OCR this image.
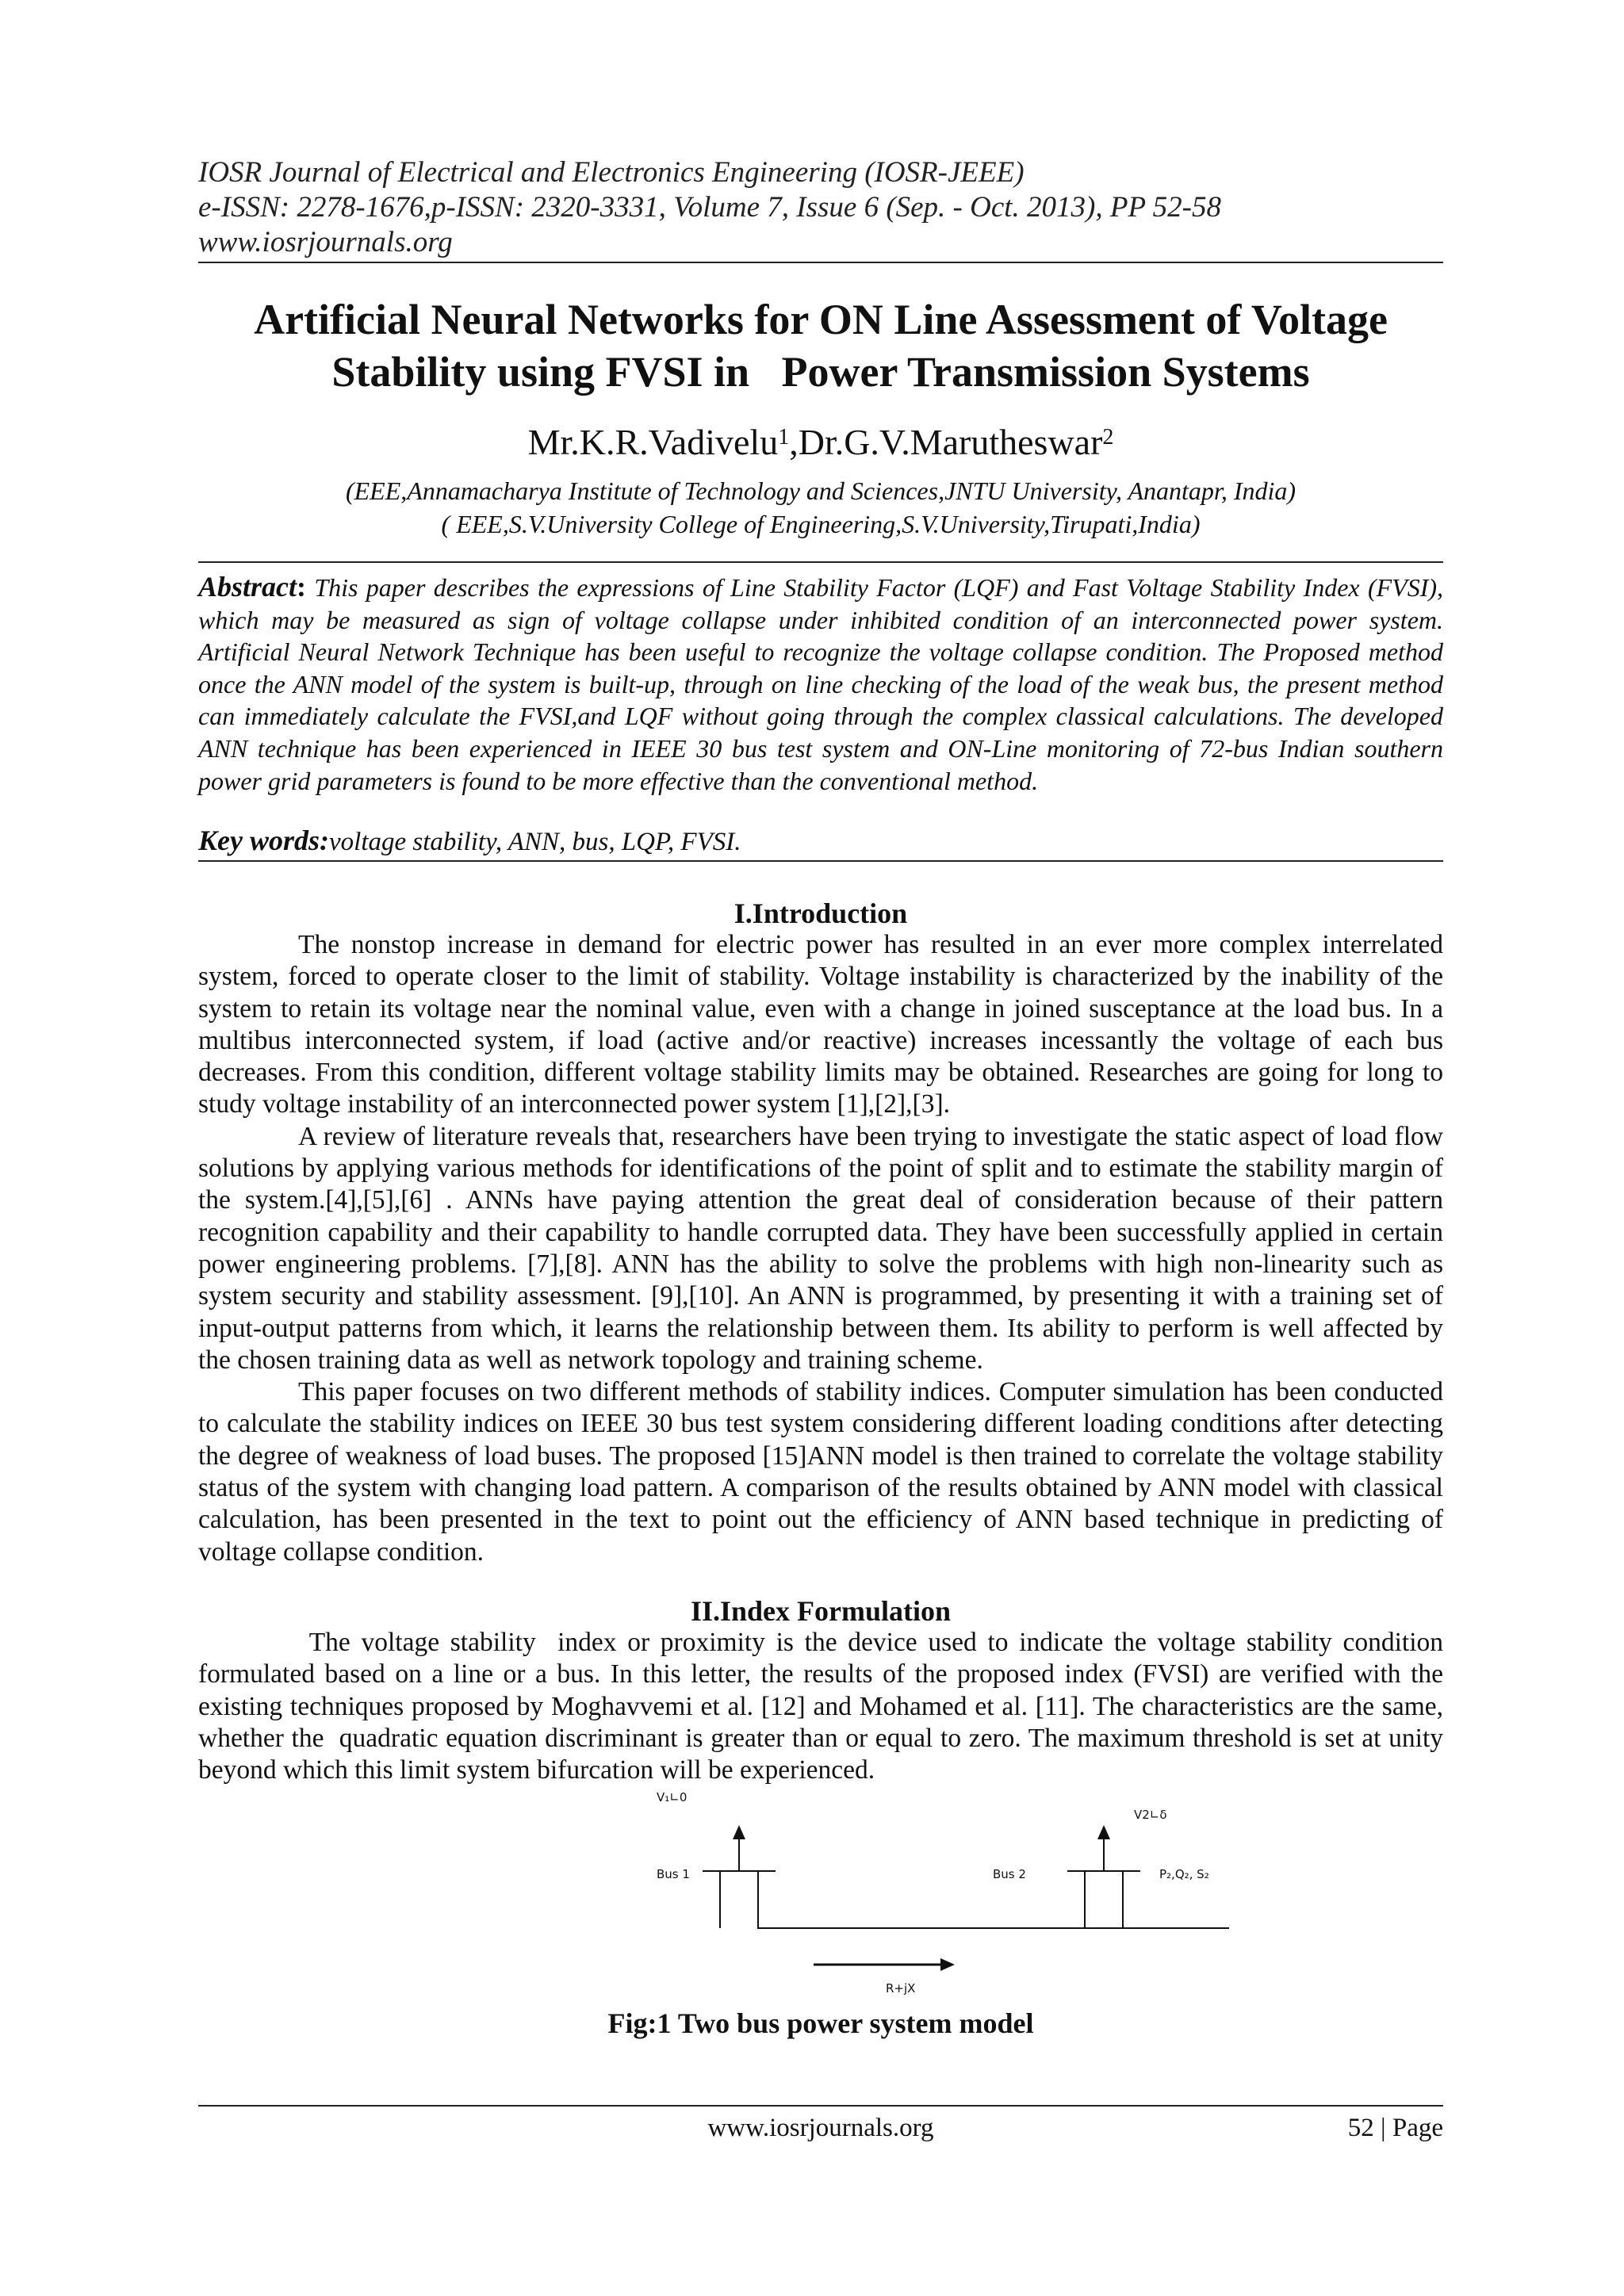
IOSR Journal of Electrical and Electronics Engineering (IOSR-JEEE)
e-ISSN: 2278-1676,p-ISSN: 2320-3331, Volume 7, Issue 6 (Sep. - Oct. 2013), PP 52-58
www.iosrjournals.org
Artificial Neural Networks for ON Line Assessment of Voltage
Stability using FVSI in   Power Transmission Systems
Mr.K.R.Vadivelu$^1$,Dr.G.V.Marutheswar$^2$
(EEE,Annamacharya Institute of Technology and Sciences,JNTU University, Anantapr, India)
( EEE,S.V.University College of Engineering,S.V.University,Tirupati,India)
Abstract: This paper describes the expressions of Line Stability Factor (LQF) and Fast Voltage Stability Index (FVSI), which may be measured as sign of voltage collapse under inhibited condition of an interconnected power system. Artificial Neural Network Technique has been useful to recognize the voltage collapse condition. The Proposed method once the ANN model of the system is built-up, through on line checking of the load of the weak bus, the present method can immediately calculate the FVSI,and LQF without going through the complex classical calculations. The developed ANN technique has been experienced in IEEE 30 bus test system and ON-Line monitoring of 72-bus Indian southern power grid parameters is found to be more effective than the conventional method.
Key words:voltage stability, ANN, bus, LQP, FVSI.
I.Introduction

The nonstop increase in demand for electric power has resulted in an ever more complex interrelated system, forced to operate closer to the limit of stability. Voltage instability is characterized by the inability of the system to retain its voltage near the nominal value, even with a change in joined susceptance at the load bus. In a multibus interconnected system, if load (active and/or reactive) increases incessantly the voltage of each bus decreases. From this condition, different voltage stability limits may be obtained. Researches are going for long to study voltage instability of an interconnected power system [1],[2],[3].

A review of literature reveals that, researchers have been trying to investigate the static aspect of load flow solutions by applying various methods for identifications of the point of split and to estimate the stability margin of the system.[4],[5],[6] . ANNs have paying attention the great deal of consideration because of their pattern recognition capability and their capability to handle corrupted data. They have been successfully applied in certain power engineering problems. [7],[8]. ANN has the ability to solve the problems with high non-linearity such as system security and stability assessment. [9],[10]. An ANN is programmed, by presenting it with a training set of input-output patterns from which, it learns the relationship between them. Its ability to perform is well affected by the chosen training data as well as network topology and training scheme.

This paper focuses on two different methods of stability indices. Computer simulation has been conducted to calculate the stability indices on IEEE 30 bus test system considering different loading conditions after detecting the degree of weakness of load buses. The proposed [15]ANN model is then trained to correlate the voltage stability status of the system with changing load pattern. A comparison of the results obtained by ANN model with classical calculation, has been presented in the text to point out the efficiency of ANN based technique in predicting of voltage collapse condition.

II.Index Formulation

The voltage stability  index or proximity is the device used to indicate the voltage stability condition formulated based on a line or a bus. In this letter, the results of the proposed index (FVSI) are verified with the existing techniques proposed by Moghavvemi et al. [12] and Mohamed et al. [11]. The characteristics are the same, whether the  quadratic equation discriminant is greater than or equal to zero. The maximum threshold is set at unity beyond which this limit system bifurcation will be experienced.

V₁∟0
V2∟δ
Bus 1	Bus 2	P₂,Q₂, S₂
R+jX
Fig:1 Two bus power system model
www.iosrjournals.org	52 | Page
